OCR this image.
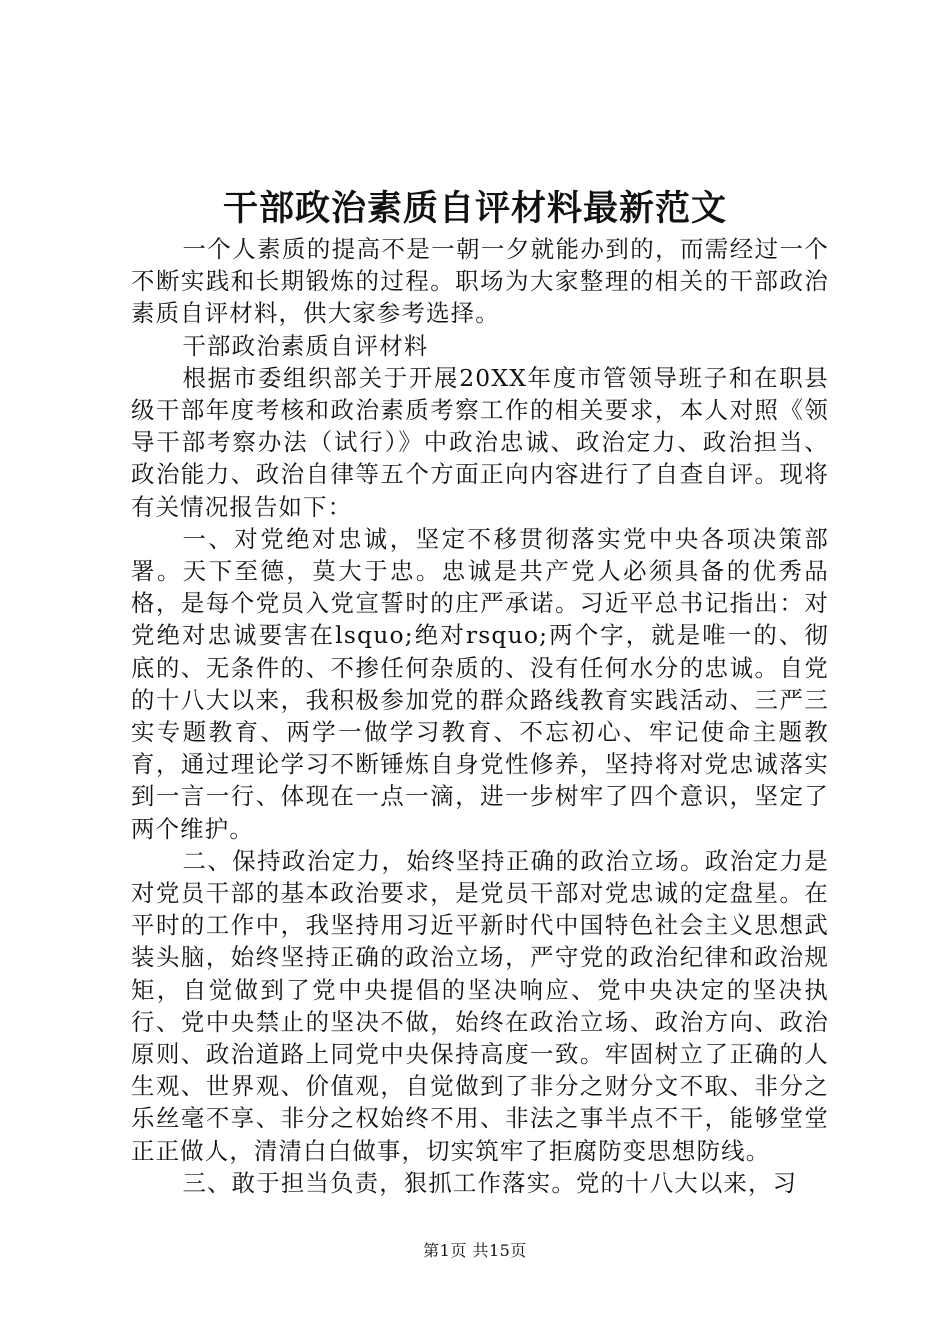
干部政治素质自评材料最新范文

一个人素质的提高不是一朝一夕就能办到的，而需经过一个不断实践和长期锻炼的过程。职场为大家整理的相关的干部政治素质自评材料，供大家参考选择。

干部政治素质自评材料

根据市委组织部关于开展20XX年度市管领导班子和在职县级干部年度考核和政治素质考察工作的相关要求，本人对照《领导干部考察办法（试行）》中政治忠诚、政治定力、政治担当、政治能力、政治自律等五个方面正向内容进行了自查自评。现将有关情况报告如下：

一、对党绝对忠诚，坚定不移贯彻落实党中央各项决策部署。天下至德，莫大于忠。忠诚是共产党人必须具备的优秀品格，是每个党员入党宣誓时的庄严承诺。习近平总书记指出：对党绝对忠诚要害在lsquo;绝对rsquo;两个字，就是唯一的、彻底的、无条件的、不掺任何杂质的、没有任何水分的忠诚。自党的十八大以来，我积极参加党的群众路线教育实践活动、三严三实专题教育、两学一做学习教育、不忘初心、牢记使命主题教育，通过理论学习不断锤炼自身党性修养，坚持将对党忠诚落实到一言一行、体现在一点一滴，进一步树牢了四个意识，坚定了两个维护。

二、保持政治定力，始终坚持正确的政治立场。政治定力是对党员干部的基本政治要求，是党员干部对党忠诚的定盘星。在平时的工作中，我坚持用习近平新时代中国特色社会主义思想武装头脑，始终坚持正确的政治立场，严守党的政治纪律和政治规矩，自觉做到了党中央提倡的坚决响应、党中央决定的坚决执行、党中央禁止的坚决不做，始终在政治立场、政治方向、政治原则、政治道路上同党中央保持高度一致。牢固树立了正确的人生观、世界观、价值观，自觉做到了非分之财分文不取、非分之乐丝毫不享、非分之权始终不用、非法之事半点不干，能够堂堂正正做人，清清白白做事，切实筑牢了拒腐防变思想防线。

三、敢于担当负责，狠抓工作落实。党的十八大以来，习

第1页 共15页
